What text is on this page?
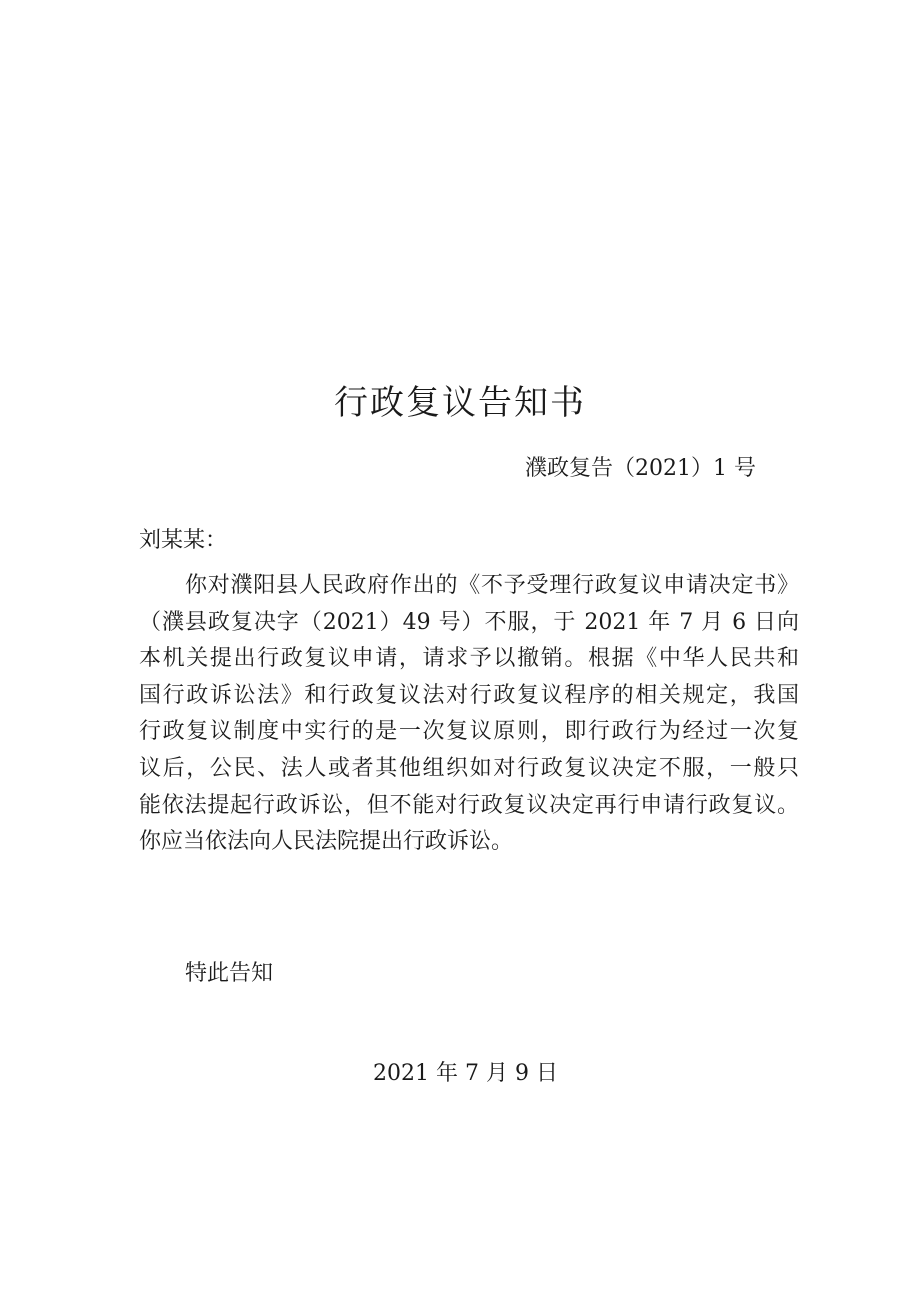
行政复议告知书
濮政复告（2021）1 号
刘某某：
你对濮阳县人民政府作出的《不予受理行政复议申请决定书》
（濮县政复决字（2021）49 号）不服，于 2021 年 7 月 6 日向
本机关提出行政复议申请，请求予以撤销。根据《中华人民共和
国行政诉讼法》和行政复议法对行政复议程序的相关规定，我国
行政复议制度中实行的是一次复议原则，即行政行为经过一次复
议后，公民、法人或者其他组织如对行政复议决定不服，一般只
能依法提起行政诉讼，但不能对行政复议决定再行申请行政复议。
你应当依法向人民法院提出行政诉讼。
特此告知
2021 年 7 月 9 日
